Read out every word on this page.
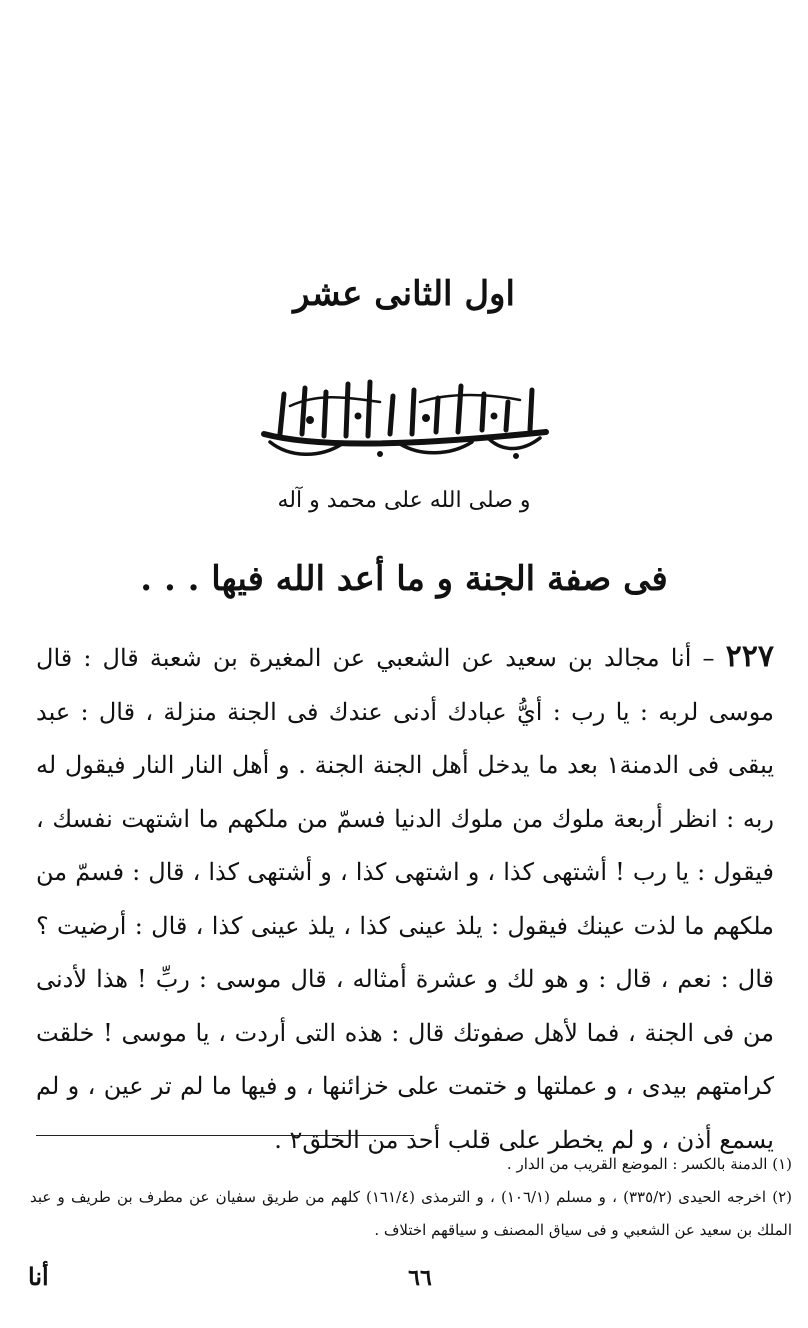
اول الثانى عشر
و صلى الله على محمد و آله
فى صفة الجنة و ما أعد الله فيها . . .
٢٢٧ – أنا مجالد بن سعيد عن الشعبي عن المغيرة بن شعبة قال : قال موسى لربه : يا رب : أيُّ عبادك أدنى عندك فى الجنة منزلة ، قال : عبد يبقى فى الدمنة١ بعد ما يدخل أهل الجنة الجنة . و أهل النار النار فيقول له ربه : انظر أربعة ملوك من ملوك الدنيا فسمّ من ملكهم ما اشتهت نفسك ، فيقول : يا رب ! أشتهى كذا ، و اشتهى كذا ، و أشتهى كذا ، قال : فسمّ من ملكهم ما لذت عينك فيقول : يلذ عينى كذا ، يلذ عينى كذا ، قال : أرضيت ؟ قال : نعم ، قال : و هو لك و عشرة أمثاله ، قال موسى : ربِّ ! هذا لأدنى من فى الجنة ، فما لأهل صفوتك قال : هذه التى أردت ، يا موسى ! خلقت كرامتهم بيدى ، و عملتها و ختمت على خزائنها ، و فيها ما لم تر عين ، و لم يسمع أذن ، و لم يخطر على قلب أحد من الخلق٢ .

(١) الدمنة بالكسر : الموضع القريب من الدار .

(٢) اخرجه الحيدى (٣٣٥/٢) ، و مسلم (١٠٦/١) ، و الترمذى (١٦١/٤) كلهم من طريق سفيان عن مطرف بن طريف و عبد الملك بن سعيد عن الشعبي و فى سياق المصنف و سياقهم اختلاف .

٦٦
أنا
